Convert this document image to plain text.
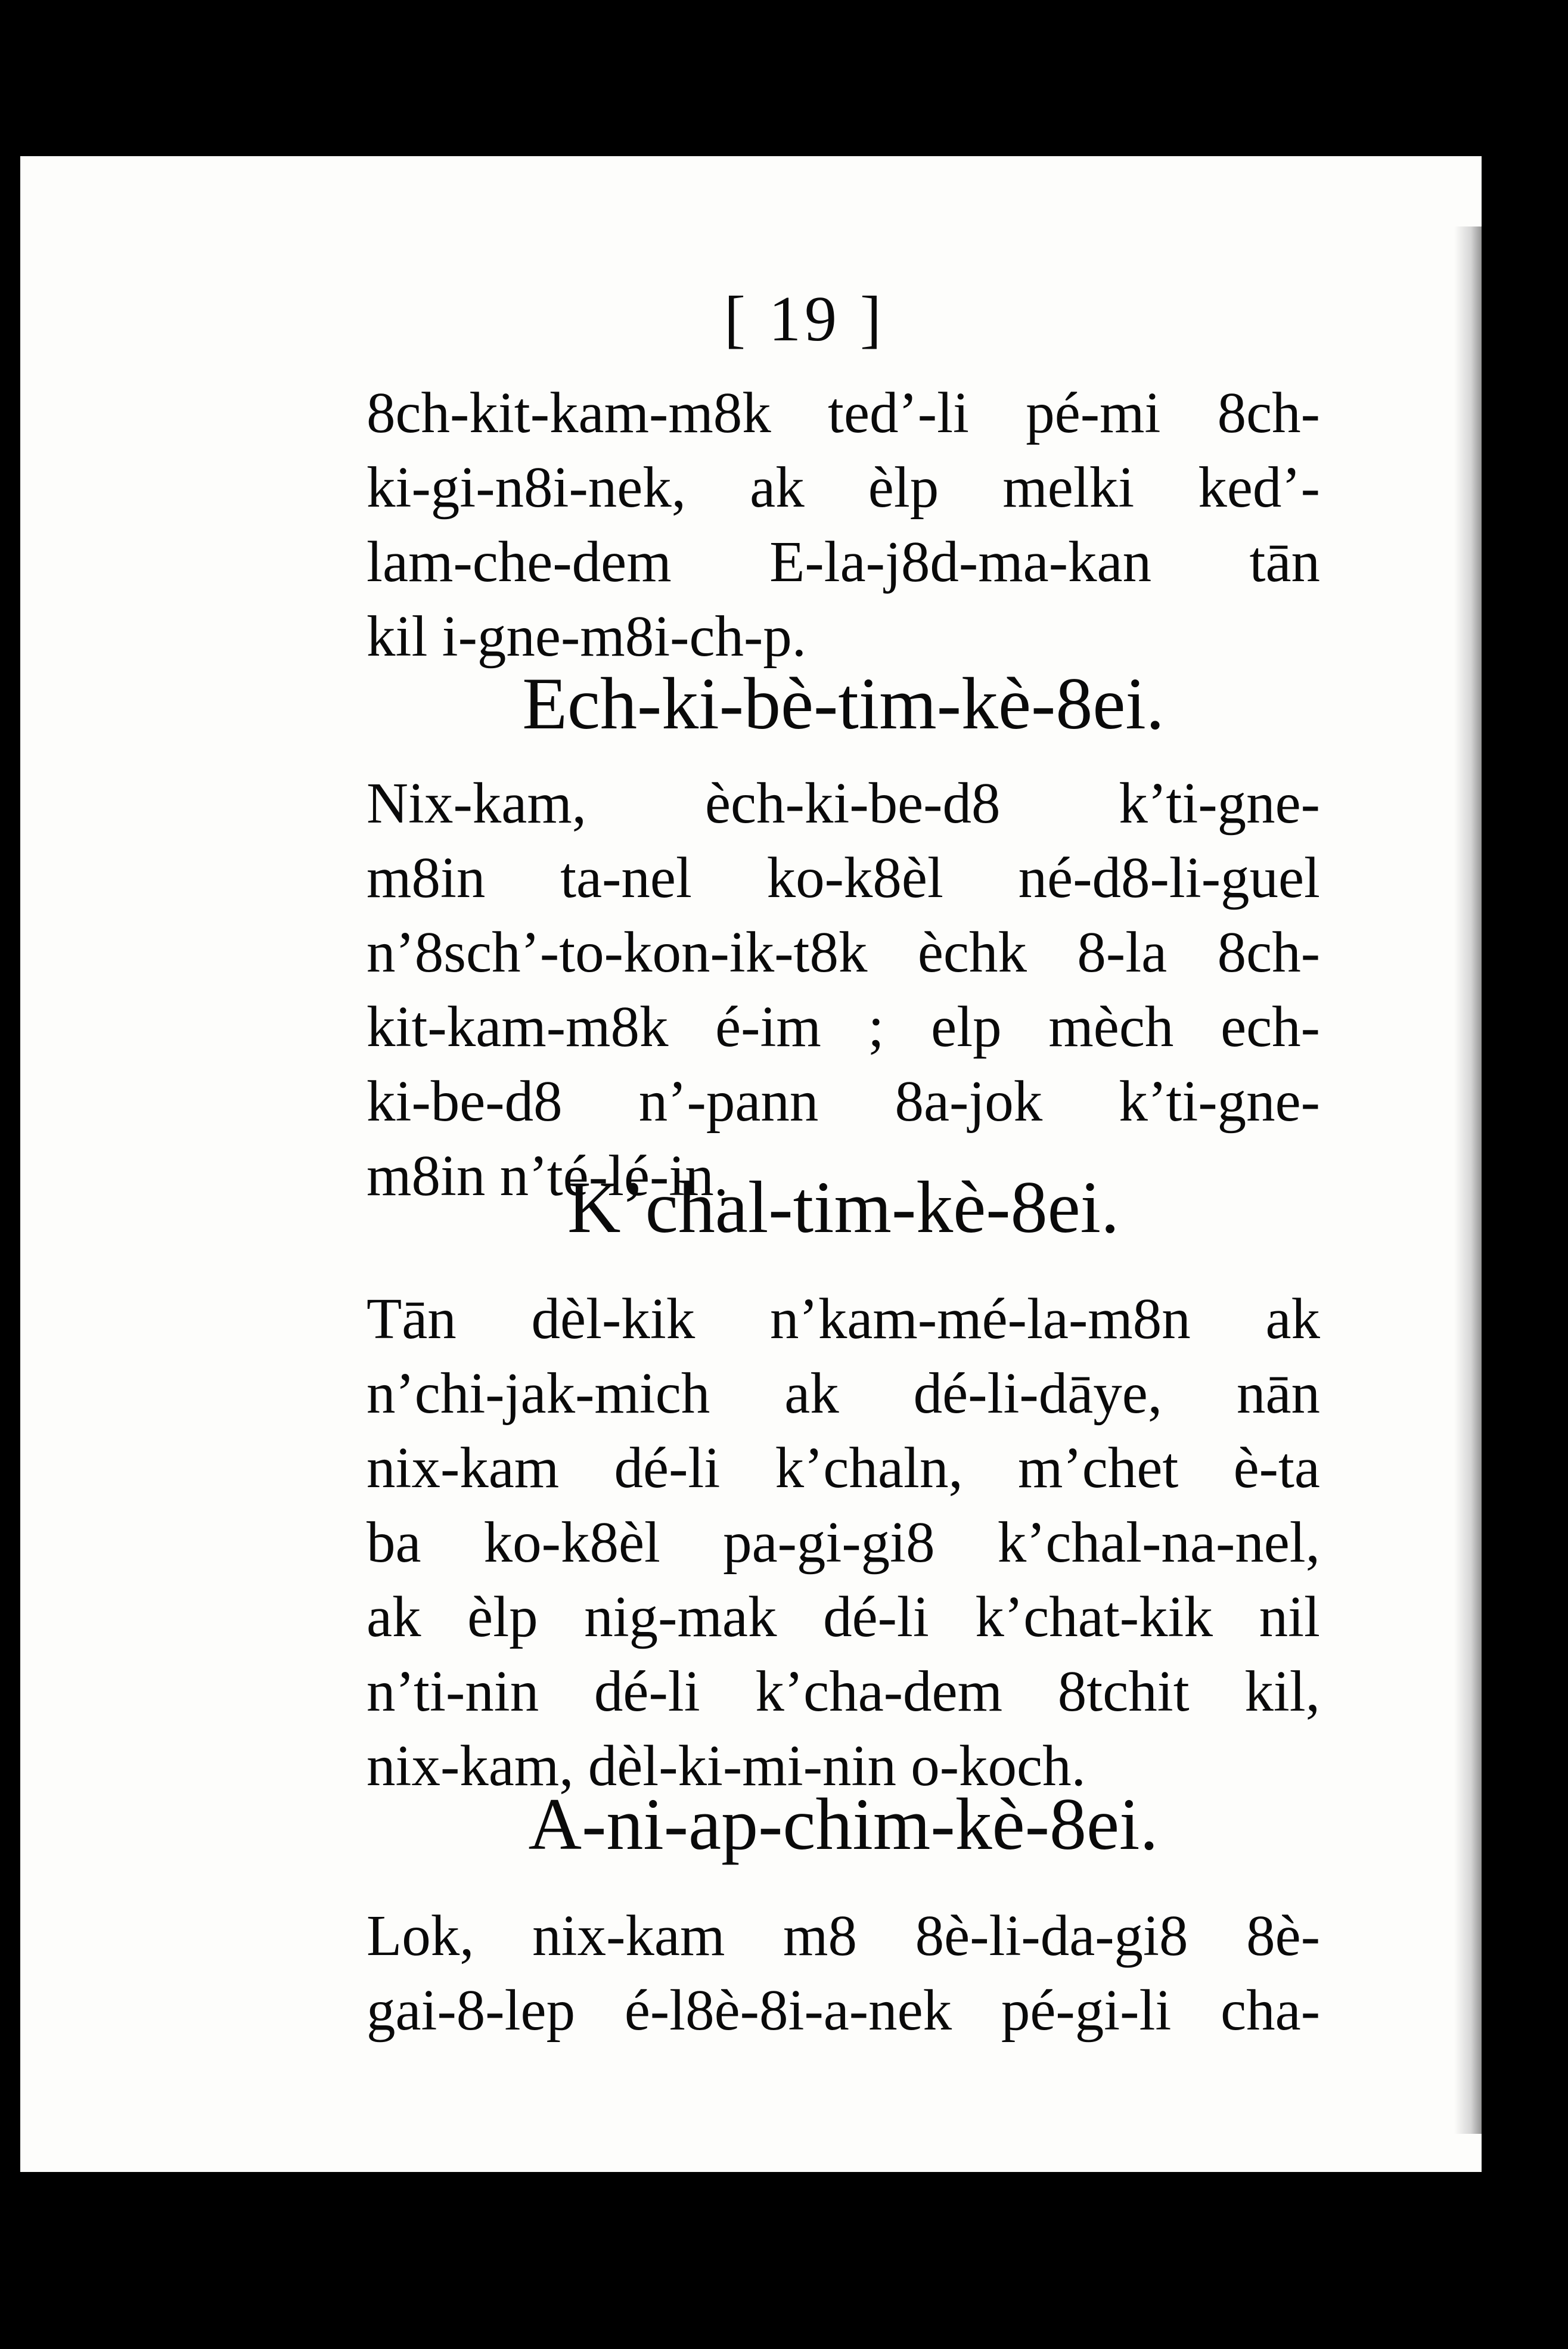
[ 19 ]
8ch-kit-kam-m8k ted’-li pé-mi 8ch-
ki-gi-n8i-nek, ak èlp melki ked’-
lam-che-dem E-la-j8d-ma-kan tān
kil i-gne-m8i-ch-p.
Ech-ki-bè-tim-kè-8ei.
Nix-kam, èch-ki-be-d8 k’ti-gne-
m8in ta-nel ko-k8èl né-d8-li-guel
n’8sch’-to-kon-ik-t8k èchk 8-la 8ch-
kit-kam-m8k é-im ; elp mèch ech-
ki-be-d8 n’-pann 8a-jok k’ti-gne-
m8in n’té-lé-in.
K’chal-tim-kè-8ei.
Tān dèl-kik n’kam-mé-la-m8n ak
n’chi-jak-mich ak dé-li-dāye, nān
nix-kam dé-li k’chaln, m’chet è-ta
ba ko-k8èl pa-gi-gi8 k’chal-na-nel,
ak èlp nig-mak dé-li k’chat-kik nil
n’ti-nin dé-li k’cha-dem 8tchit kil,
nix-kam, dèl-ki-mi-nin o-koch.
A-ni-ap-chim-kè-8ei.
Lok, nix-kam m8 8è-li-da-gi8 8è-
gai-8-lep é-l8è-8i-a-nek pé-gi-li cha-
